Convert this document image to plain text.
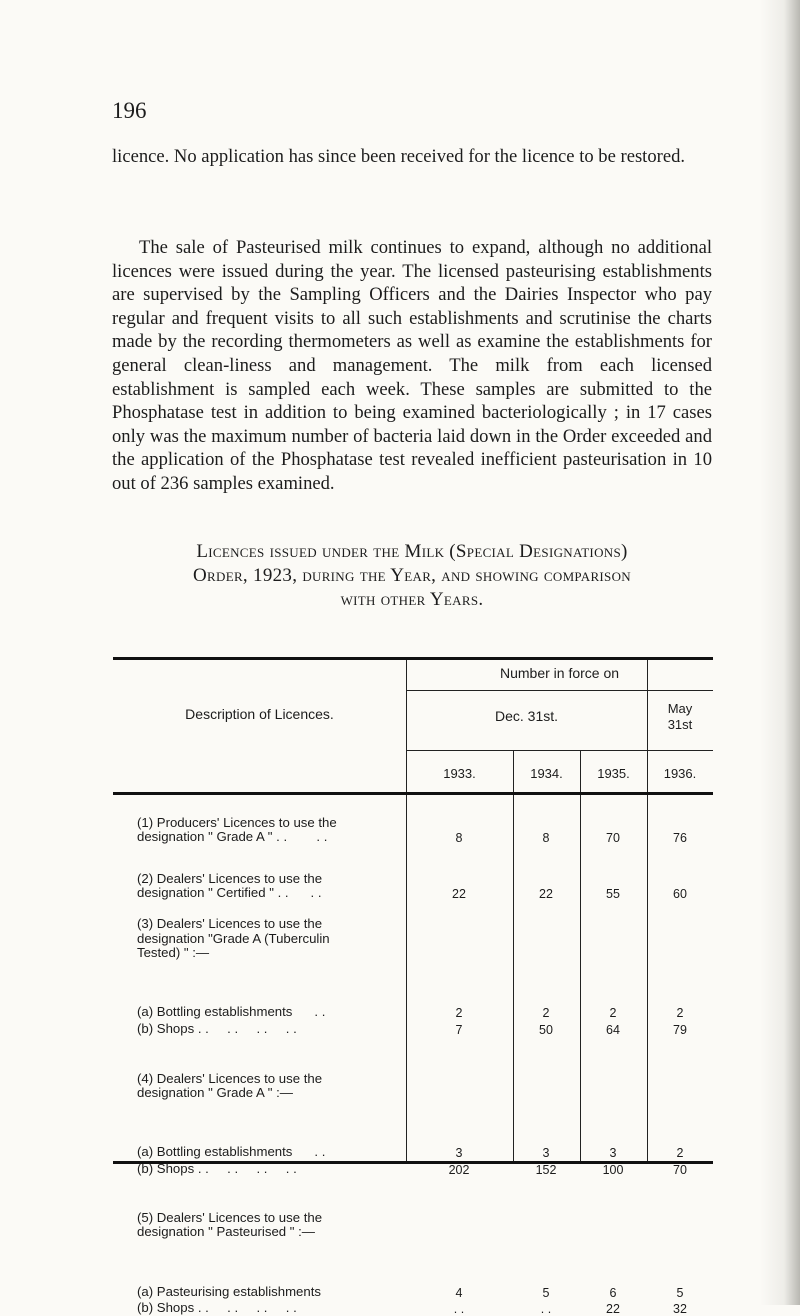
196

licence. No application has since been received for the licence to be restored.

The sale of Pasteurised milk continues to expand, although no additional licences were issued during the year. The licensed pasteurising establishments are supervised by the Sampling Officers and the Dairies Inspector who pay regular and frequent visits to all such establishments and scrutinise the charts made by the recording thermometers as well as examine the establishments for general clean-liness and management. The milk from each licensed establishment is sampled each week. These samples are submitted to the Phosphatase test in addition to being examined bacteriologically ; in 17 cases only was the maximum number of bacteria laid down in the Order exceeded and the application of the Phosphatase test revealed inefficient pasteurisation in 10 out of 236 samples examined.

Licences issued under the Milk (Special Designations)
Order, 1923, during the Year, and showing comparison
with other Years.
Description of Licences.
Number in force on
Dec. 31st.	May
31st
1933.	1934.	1935.	1936.
(1) Producers' Licences to use the
designation " Grade A " . .        . .	8	8	70	76
(2) Dealers' Licences to use the
designation " Certified " . .      . .	22	22	55	60
(3) Dealers' Licences to use the
designation "Grade A (Tuberculin
Tested) " :—
(a) Bottling establishments      . .	2	2	2	2
(b) Shops . .     . .     . .     . .	7	50	64	79
(4) Dealers' Licences to use the
designation " Grade A " :—
(a) Bottling establishments      . .	3	3	3	2
(b) Shops . .     . .     . .     . .	202	152	100	70
(5) Dealers' Licences to use the
designation " Pasteurised " :—
(a) Pasteurising establishments	4	5	6	5
(b) Shops . .     . .     . .     . .	. .	. .	22	32
